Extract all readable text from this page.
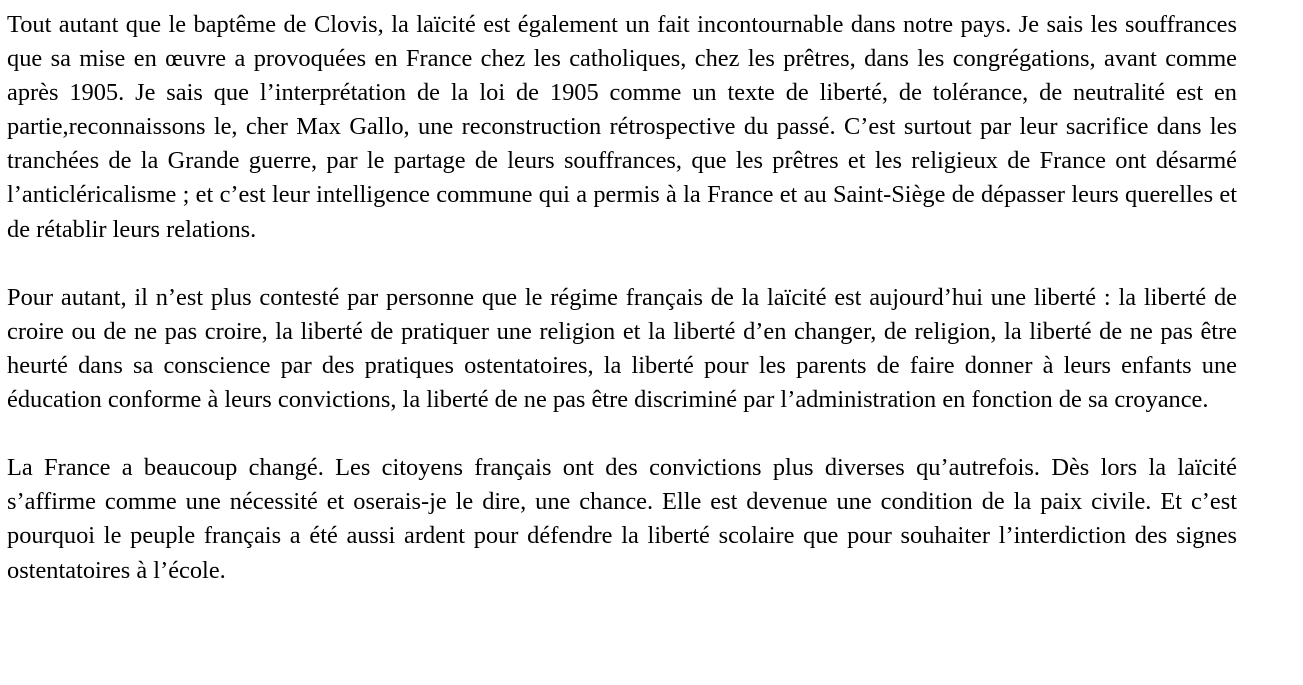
Tout autant que le baptême de Clovis, la laïcité est également un fait incontournable dans notre pays. Je sais les souffrances que sa mise en œuvre a provoquées en France chez les catholiques, chez les prêtres, dans les congrégations, avant comme après 1905. Je sais que l’interprétation de la loi de 1905 comme un texte de liberté, de tolérance, de neutralité est en partie,reconnaissons le, cher Max Gallo, une reconstruction rétrospective du passé. C’est surtout par leur sacrifice dans les tranchées de la Grande guerre, par le partage de leurs souffrances, que les prêtres et les religieux de France ont désarmé l’anticléricalisme ; et c’est leur intelligence commune qui a permis à la France et au Saint-Siège de dépasser leurs querelles et de rétablir leurs relations.

Pour autant, il n’est plus contesté par personne que le régime français de la laïcité est aujourd’hui une liberté : la liberté de croire ou de ne pas croire, la liberté de pratiquer une religion et la liberté d’en changer, de religion, la liberté de ne pas être heurté dans sa conscience par des pratiques ostentatoires, la liberté pour les parents de faire donner à leurs enfants une éducation conforme à leurs convictions, la liberté de ne pas être discriminé par l’administration en fonction de sa croyance.

La France a beaucoup changé. Les citoyens français ont des convictions plus diverses qu’autrefois. Dès lors la laïcité s’affirme comme une nécessité et oserais-je le dire, une chance. Elle est devenue une condition de la paix civile. Et c’est pourquoi le peuple français a été aussi ardent pour défendre la liberté scolaire que pour souhaiter l’interdiction des signes ostentatoires à l’école.
